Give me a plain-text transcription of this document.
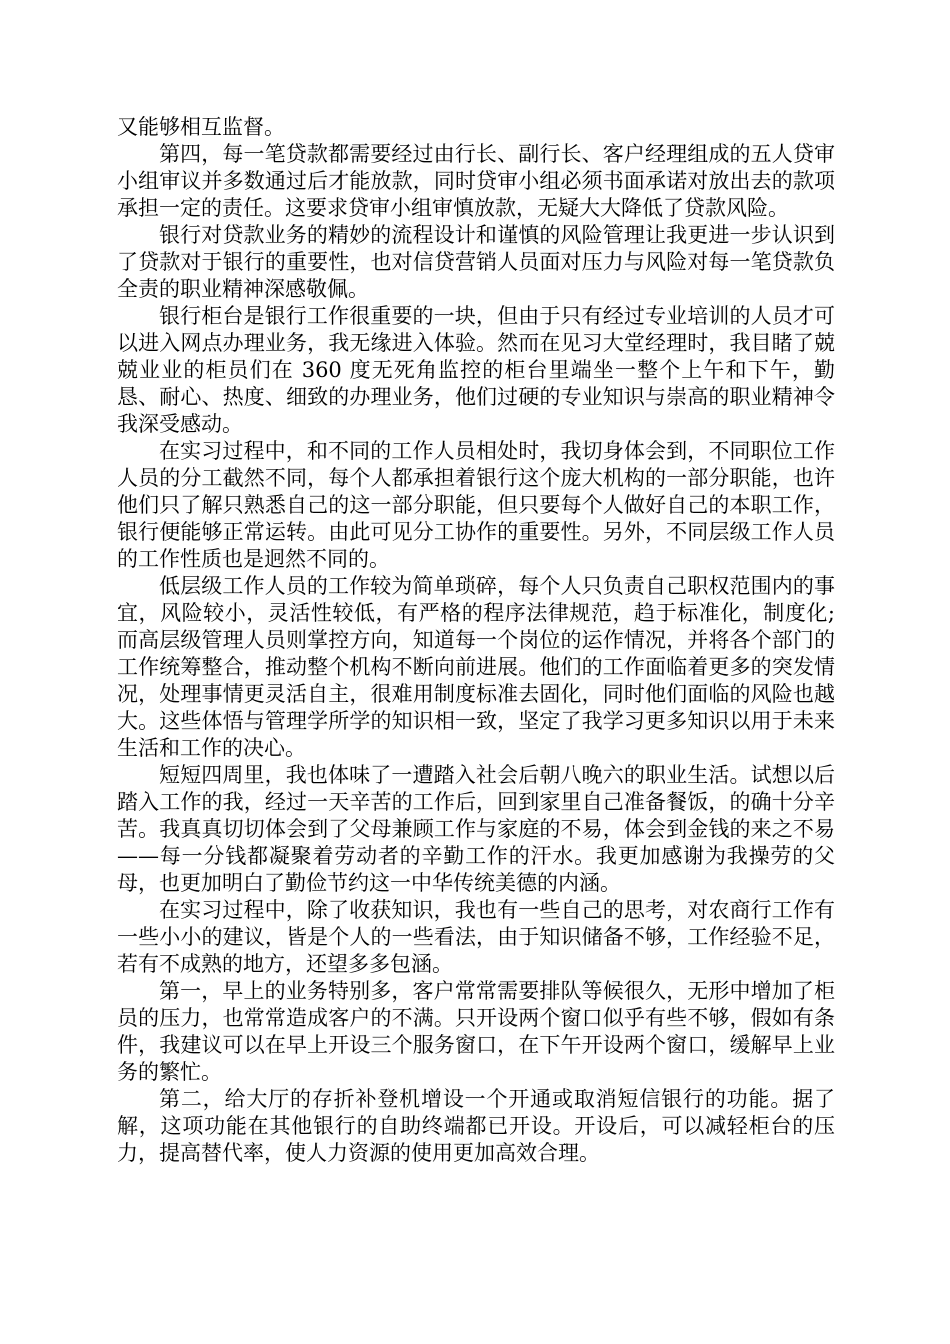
又能够相互监督。

第四，每一笔贷款都需要经过由行长、副行长、客户经理组成的五人贷审小组审议并多数通过后才能放款，同时贷审小组必须书面承诺对放出去的款项承担一定的责任。这要求贷审小组审慎放款，无疑大大降低了贷款风险。

银行对贷款业务的精妙的流程设计和谨慎的风险管理让我更进一步认识到了贷款对于银行的重要性，也对信贷营销人员面对压力与风险对每一笔贷款负全责的职业精神深感敬佩。

银行柜台是银行工作很重要的一块，但由于只有经过专业培训的人员才可以进入网点办理业务，我无缘进入体验。然而在见习大堂经理时，我目睹了兢兢业业的柜员们在 360 度无死角监控的柜台里端坐一整个上午和下午，勤恳、耐心、热度、细致的办理业务，他们过硬的专业知识与崇高的职业精神令我深受感动。

在实习过程中，和不同的工作人员相处时，我切身体会到，不同职位工作人员的分工截然不同，每个人都承担着银行这个庞大机构的一部分职能，也许他们只了解只熟悉自己的这一部分职能，但只要每个人做好自己的本职工作，银行便能够正常运转。由此可见分工协作的重要性。另外，不同层级工作人员的工作性质也是迥然不同的。

低层级工作人员的工作较为简单琐碎，每个人只负责自己职权范围内的事宜，风险较小，灵活性较低，有严格的程序法律规范，趋于标准化，制度化;而高层级管理人员则掌控方向，知道每一个岗位的运作情况，并将各个部门的工作统筹整合，推动整个机构不断向前进展。他们的工作面临着更多的突发情况，处理事情更灵活自主，很难用制度标准去固化，同时他们面临的风险也越大。这些体悟与管理学所学的知识相一致，坚定了我学习更多知识以用于未来生活和工作的决心。

短短四周里，我也体味了一遭踏入社会后朝八晚六的职业生活。试想以后踏入工作的我，经过一天辛苦的工作后，回到家里自己准备餐饭，的确十分辛苦。我真真切切体会到了父母兼顾工作与家庭的不易，体会到金钱的来之不易——每一分钱都凝聚着劳动者的辛勤工作的汗水。我更加感谢为我操劳的父母，也更加明白了勤俭节约这一中华传统美德的内涵。

在实习过程中，除了收获知识，我也有一些自己的思考，对农商行工作有一些小小的建议，皆是个人的一些看法，由于知识储备不够，工作经验不足，若有不成熟的地方，还望多多包涵。

第一，早上的业务特别多，客户常常需要排队等候很久，无形中增加了柜员的压力，也常常造成客户的不满。只开设两个窗口似乎有些不够，假如有条件，我建议可以在早上开设三个服务窗口，在下午开设两个窗口，缓解早上业务的繁忙。

第二，给大厅的存折补登机增设一个开通或取消短信银行的功能。据了解，这项功能在其他银行的自助终端都已开设。开设后，可以减轻柜台的压力，提高替代率，使人力资源的使用更加高效合理。
